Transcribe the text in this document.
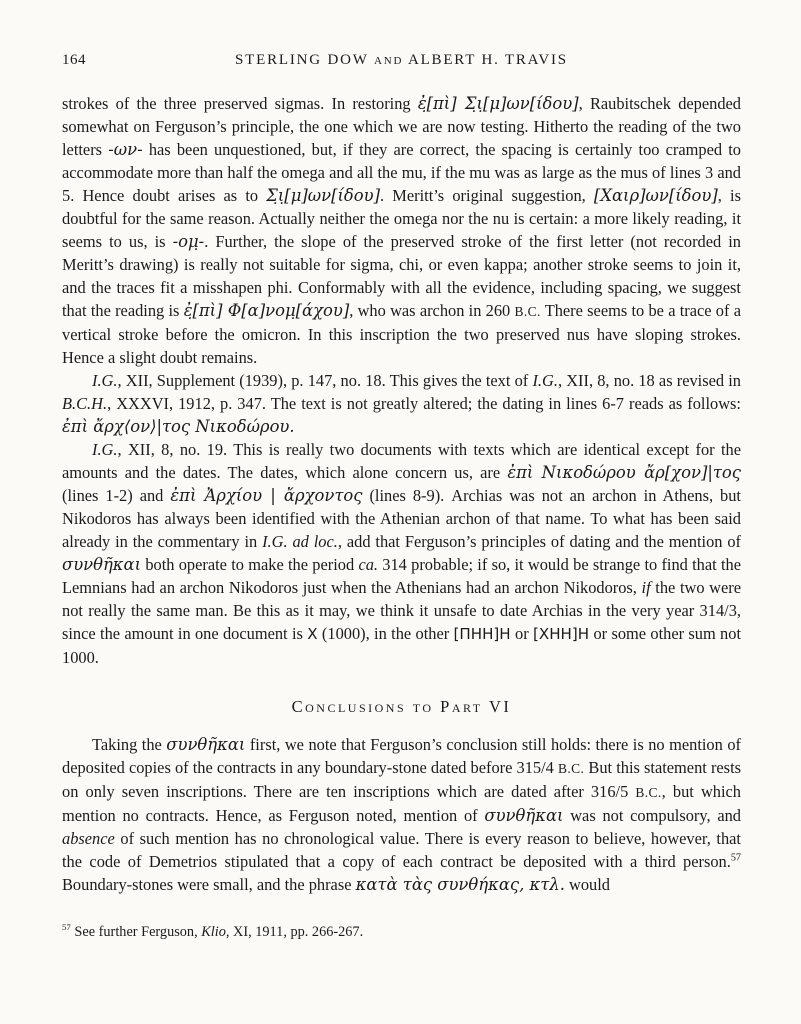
164	STERLING DOW and ALBERT H. TRAVIS

strokes of the three preserved sigmas. In restoring ἐ̣[πὶ] Σ̣ι̣[μ]ων[ίδου], Raubitschek depended somewhat on Ferguson’s principle, the one which we are now testing. Hitherto the reading of the two letters -ων- has been unquestioned, but, if they are correct, the spacing is certainly too cramped to accommodate more than half the omega and all the mu, if the mu was as large as the mus of lines 3 and 5. Hence doubt arises as to Σ̣ι̣[μ]ων[ίδου]. Meritt’s original suggestion, [Χαιρ]ων[ίδου], is doubtful for the same reason. Actually neither the omega nor the nu is certain: a more likely reading, it seems to us, is -ομ̣-. Further, the slope of the preserved stroke of the first letter (not recorded in Meritt’s drawing) is really not suitable for sigma, chi, or even kappa; another stroke seems to join it, and the traces fit a misshapen phi. Conformably with all the evidence, including spacing, we suggest that the reading is ἐ̣[πὶ] Φ[α]νομ̣[άχου], who was archon in 260 B.C. There seems to be a trace of a vertical stroke before the omicron. In this inscription the two preserved nus have sloping strokes. Hence a slight doubt remains.

I.G., XII, Supplement (1939), p. 147, no. 18. This gives the text of I.G., XII, 8, no. 18 as revised in B.C.H., XXXVI, 1912, p. 347. The text is not greatly altered; the dating in lines 6-7 reads as follows: ἐπὶ ἄρχ⟨ον⟩|τος Νικοδώρου.

I.G., XII, 8, no. 19. This is really two documents with texts which are identical except for the amounts and the dates. The dates, which alone concern us, are ἐπὶ Νικοδώρου ἄρ[χον]|τος (lines 1-2) and ἐπὶ Ἀρχίου | ἄρχοντος (lines 8-9). Archias was not an archon in Athens, but Nikodoros has always been identified with the Athenian archon of that name. To what has been said already in the commentary in I.G. ad loc., add that Ferguson’s principles of dating and the mention of συνθῆκαι both operate to make the period ca. 314 probable; if so, it would be strange to find that the Lemnians had an archon Nikodoros just when the Athenians had an archon Nikodoros, if the two were not really the same man. Be this as it may, we think it unsafe to date Archias in the very year 314/3, since the amount in one document is Χ (1000), in the other [ΠΗΗ]Η or [ΧΗΗ]Η or some other sum not 1000.

Conclusions to Part VI

Taking the συνθῆκαι first, we note that Ferguson’s conclusion still holds: there is no mention of deposited copies of the contracts in any boundary-stone dated before 315/4 B.C. But this statement rests on only seven inscriptions. There are ten inscriptions which are dated after 316/5 B.C., but which mention no contracts. Hence, as Ferguson noted, mention of συνθῆκαι was not compulsory, and absence of such mention has no chronological value. There is every reason to believe, however, that the code of Demetrios stipulated that a copy of each contract be deposited with a third person.$^{57}$ Boundary-stones were small, and the phrase κατὰ τὰς συνθήκας, κτλ. would

$^{57}$ See further Ferguson, Klio, XI, 1911, pp. 266-267.
